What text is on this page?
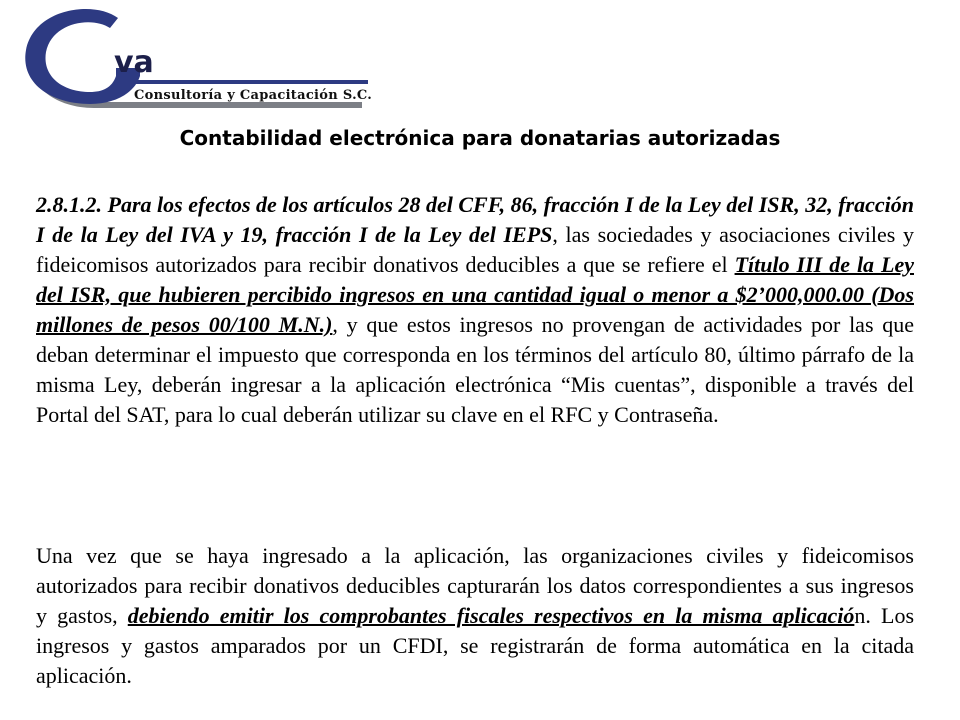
va
Consultoría y Capacitación S.C.
Contabilidad electrónica para donatarias autorizadas

2.8.1.2. Para los efectos de los artículos 28 del CFF, 86, fracción I de la Ley del ISR, 32, fracción I de la Ley del IVA y 19, fracción I de la Ley del IEPS, las sociedades y asociaciones civiles y fideicomisos autorizados para recibir donativos deducibles a que se refiere el Título III de la Ley del ISR, que hubieren percibido ingresos en una cantidad igual o menor a $2’000,000.00 (Dos millones de pesos 00/100 M.N.), y que estos ingresos no provengan de actividades por las que deban determinar el impuesto que corresponda en los términos del artículo 80, último párrafo de la misma Ley, deberán ingresar a la aplicación electrónica “Mis cuentas”, disponible a través del Portal del SAT, para lo cual deberán utilizar su clave en el RFC y Contraseña.

Una vez que se haya ingresado a la aplicación, las organizaciones civiles y fideicomisos autorizados para recibir donativos deducibles capturarán los datos correspondientes a sus ingresos y gastos, debiendo emitir los comprobantes fiscales respectivos en la misma aplicación. Los ingresos y gastos amparados por un CFDI, se registrarán de forma automática en la citada aplicación.
